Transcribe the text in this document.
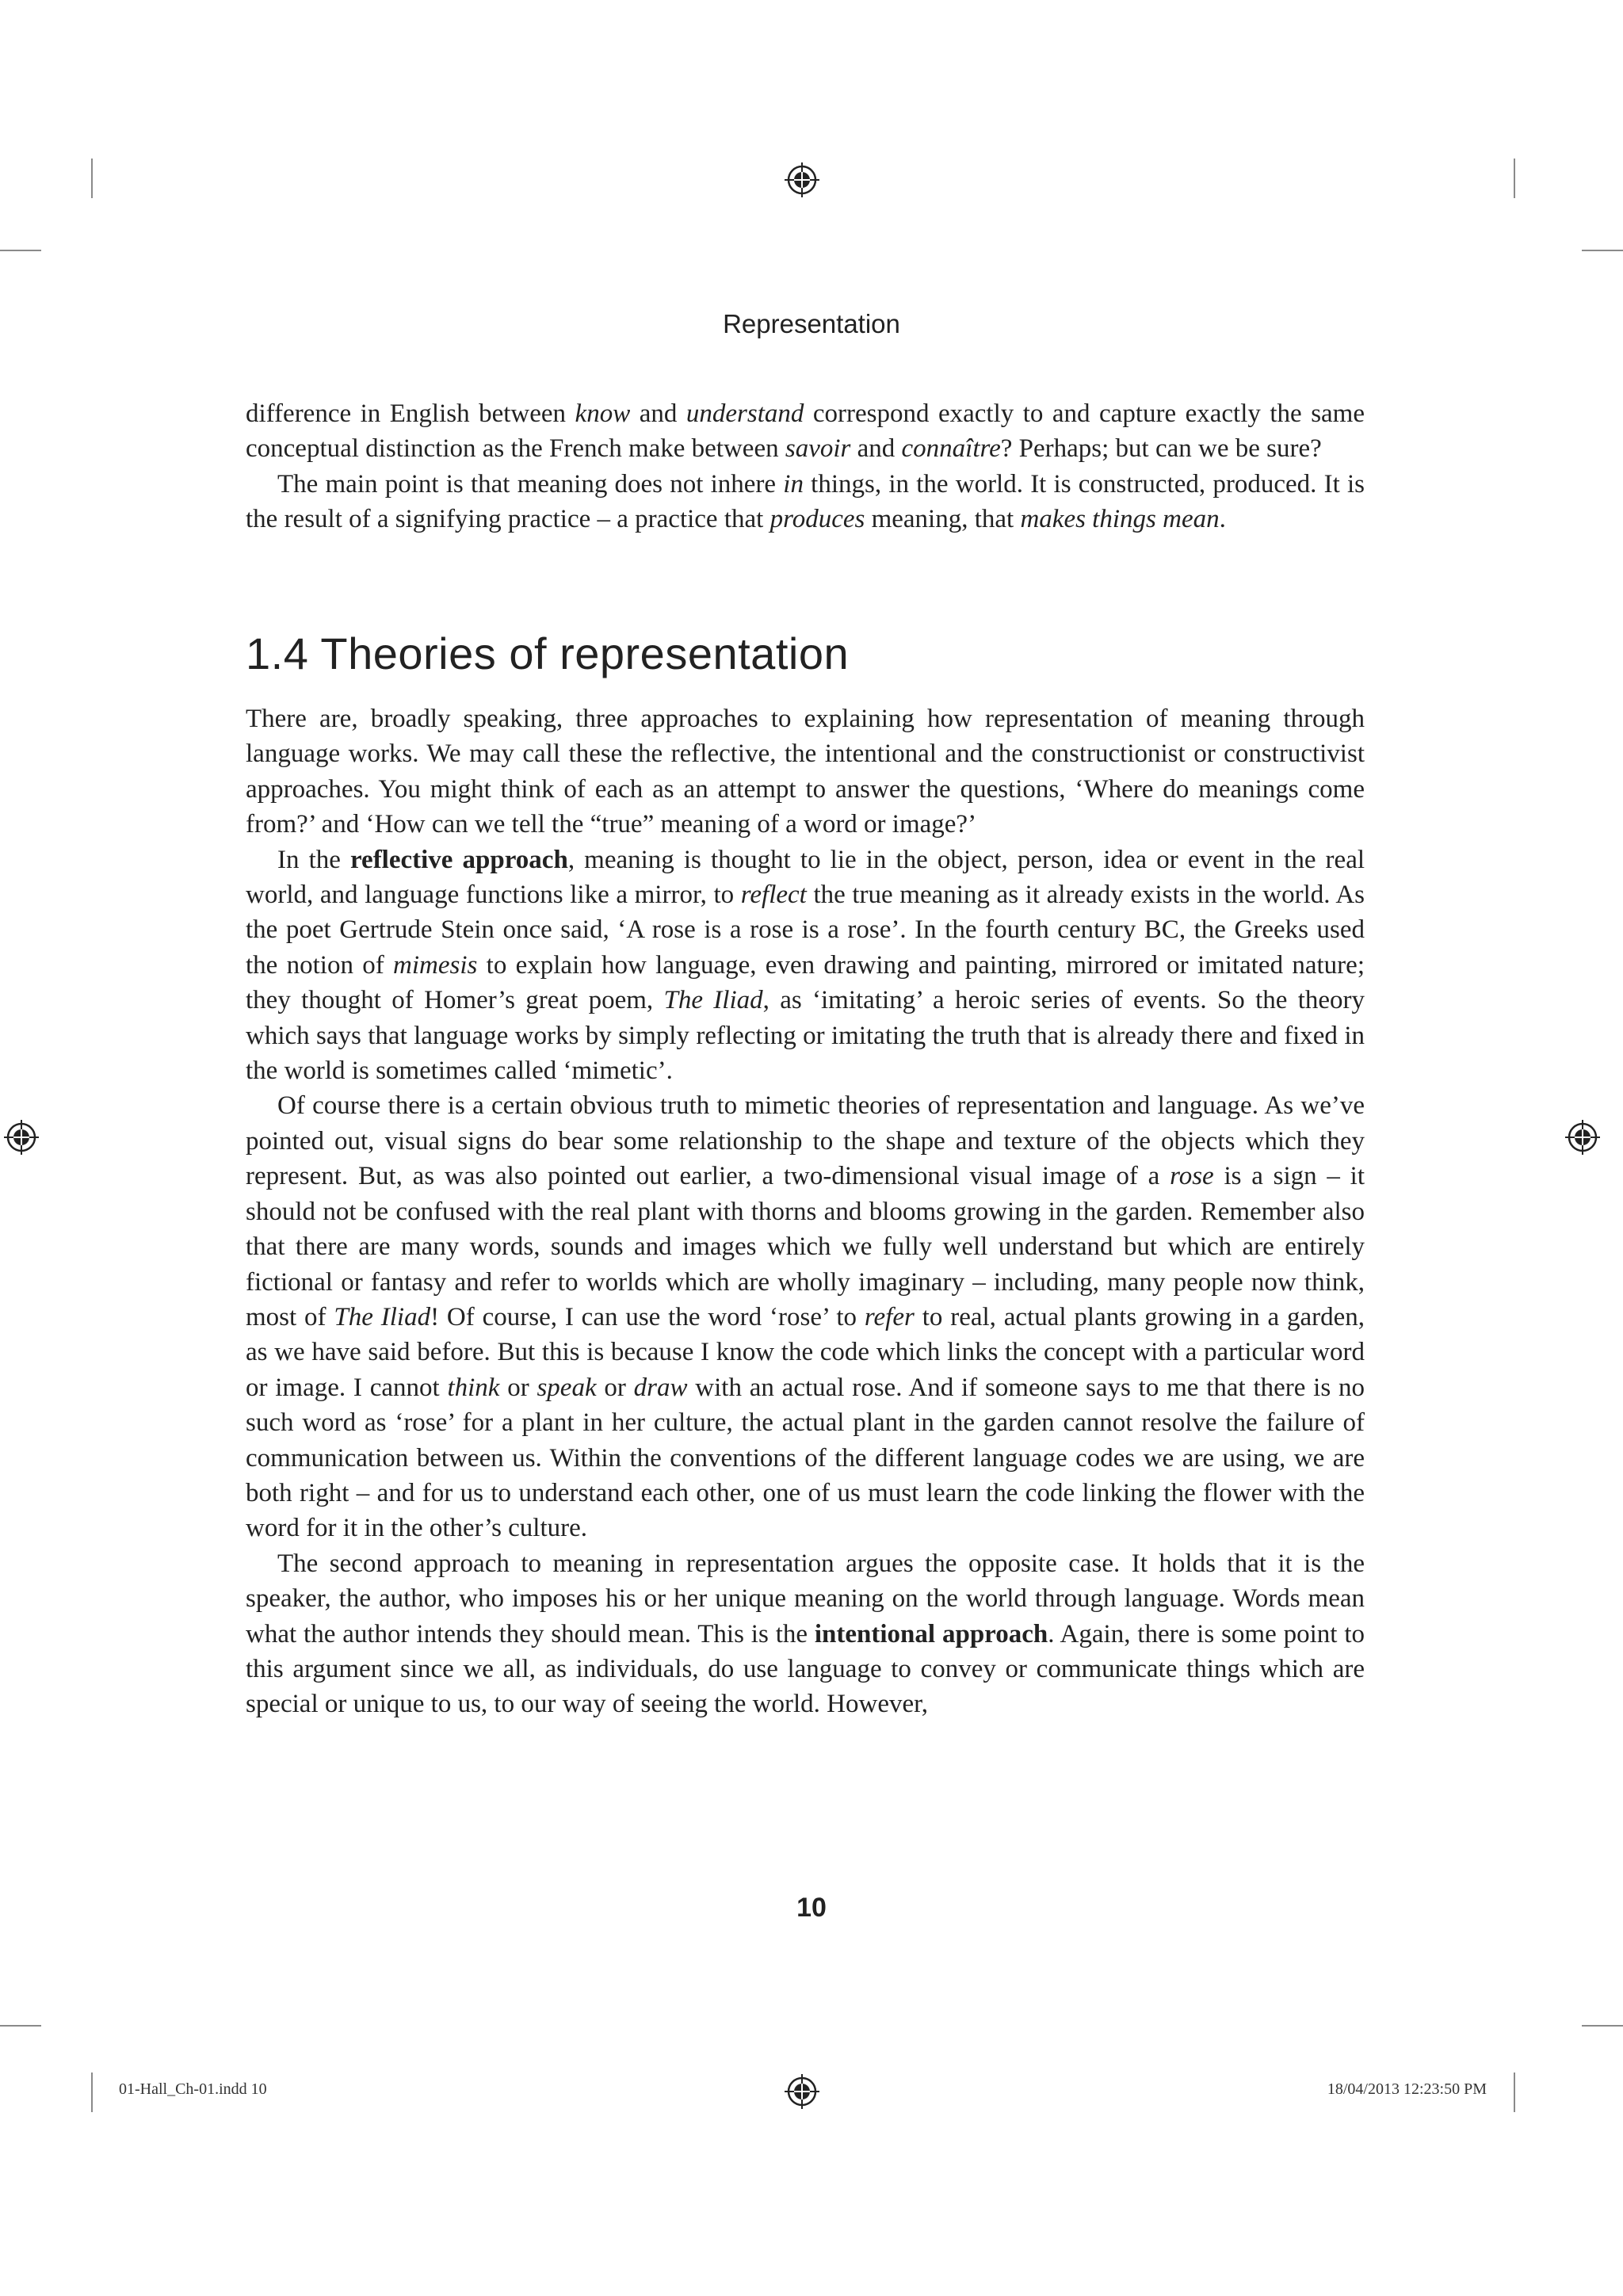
Representation

difference in English between know and understand correspond exactly to and capture exactly the same conceptual distinction as the French make between savoir and connaître? Perhaps; but can we be sure?

The main point is that meaning does not inhere in things, in the world. It is constructed, produced. It is the result of a signifying practice – a practice that produces meaning, that makes things mean.

1.4 Theories of representation

There are, broadly speaking, three approaches to explaining how representation of meaning through language works. We may call these the reflective, the intentional and the constructionist or constructivist approaches. You might think of each as an attempt to answer the questions, ‘Where do meanings come from?’ and ‘How can we tell the “true” meaning of a word or image?’

In the reflective approach, meaning is thought to lie in the object, person, idea or event in the real world, and language functions like a mirror, to reflect the true meaning as it already exists in the world. As the poet Gertrude Stein once said, ‘A rose is a rose is a rose’. In the fourth century BC, the Greeks used the notion of mimesis to explain how language, even drawing and painting, mirrored or imitated nature; they thought of Homer’s great poem, The Iliad, as ‘imitating’ a heroic series of events. So the theory which says that language works by simply reflecting or imitating the truth that is already there and fixed in the world is sometimes called ‘mimetic’.

Of course there is a certain obvious truth to mimetic theories of representation and language. As we’ve pointed out, visual signs do bear some relationship to the shape and texture of the objects which they represent. But, as was also pointed out earlier, a two-dimensional visual image of a rose is a sign – it should not be confused with the real plant with thorns and blooms growing in the garden. Remember also that there are many words, sounds and images which we fully well understand but which are entirely fictional or fantasy and refer to worlds which are wholly imaginary – including, many people now think, most of The Iliad! Of course, I can use the word ‘rose’ to refer to real, actual plants growing in a garden, as we have said before. But this is because I know the code which links the concept with a particular word or image. I cannot think or speak or draw with an actual rose. And if someone says to me that there is no such word as ‘rose’ for a plant in her culture, the actual plant in the garden cannot resolve the failure of communication between us. Within the conventions of the different language codes we are using, we are both right – and for us to understand each other, one of us must learn the code linking the flower with the word for it in the other’s culture.

The second approach to meaning in representation argues the opposite case. It holds that it is the speaker, the author, who imposes his or her unique meaning on the world through language. Words mean what the author intends they should mean. This is the intentional approach. Again, there is some point to this argument since we all, as individuals, do use language to convey or communicate things which are special or unique to us, to our way of seeing the world. However,

10
01-Hall_Ch-01.indd 10	18/04/2013 12:23:50 PM
